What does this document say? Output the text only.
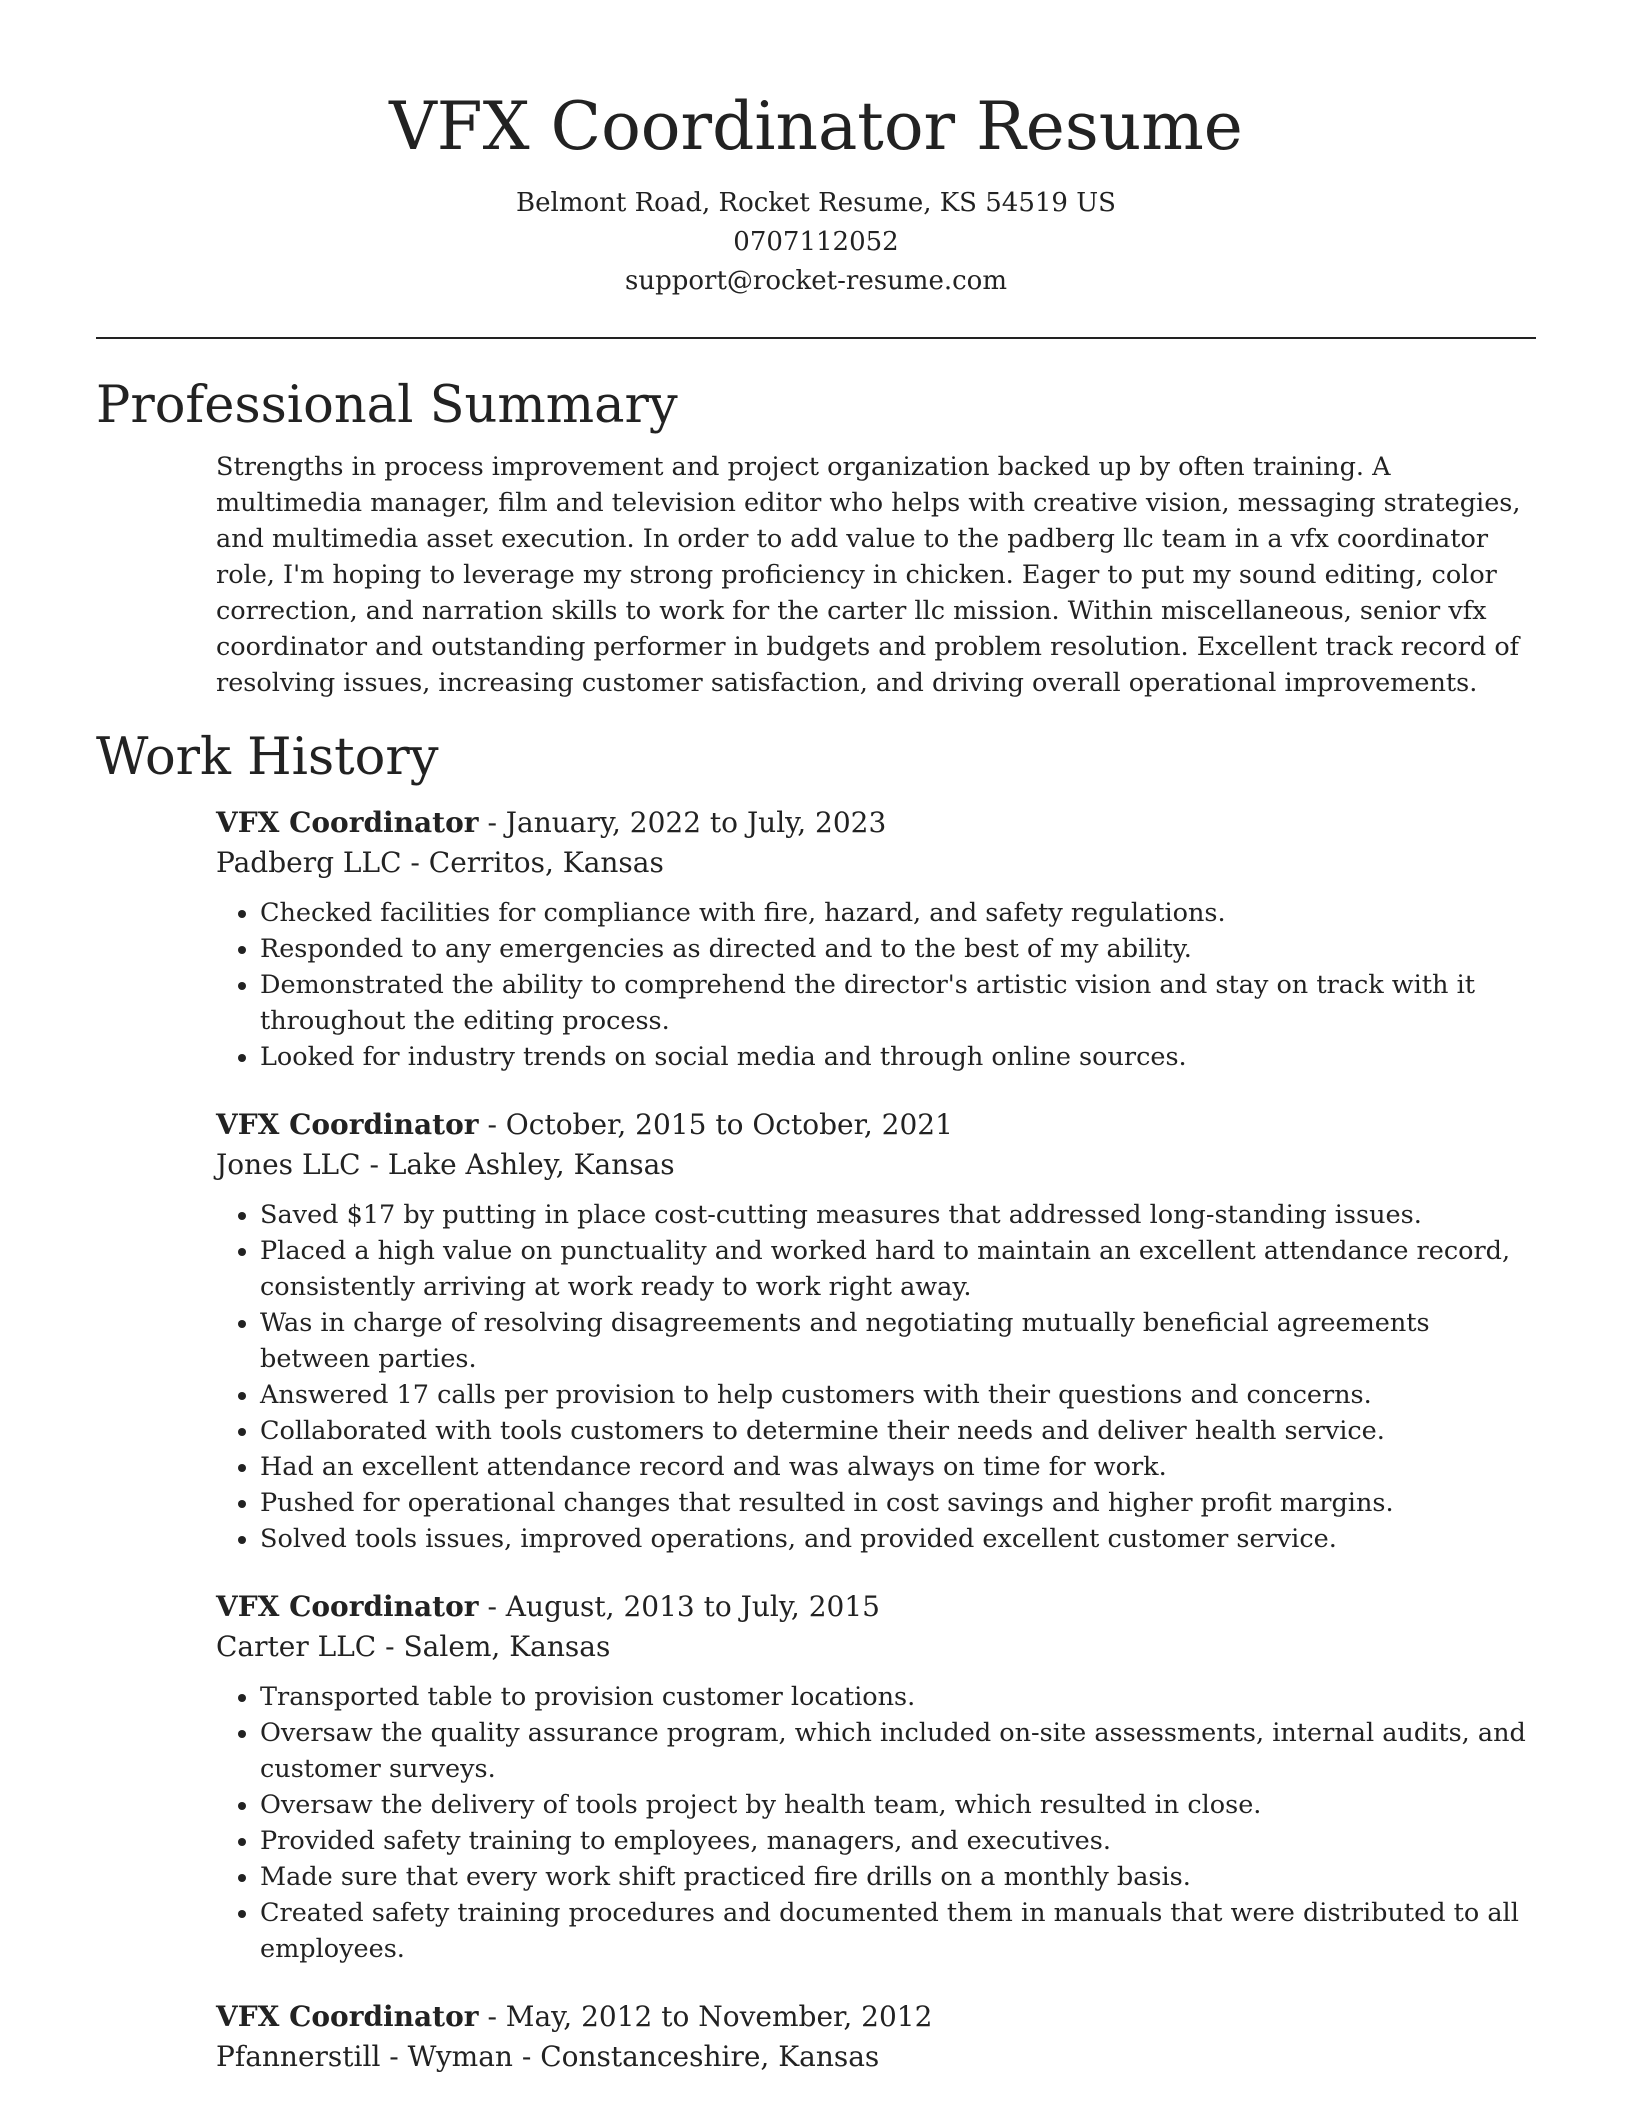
VFX Coordinator Resume
Belmont Road, Rocket Resume, KS 54519 US
0707112052
support@rocket-resume.com
Professional Summary

Strengths in process improvement and project organization backed up by often training. A multimedia manager, film and television editor who helps with creative vision, messaging strategies, and multimedia asset execution. In order to add value to the padberg llc team in a vfx coordinator role, I'm hoping to leverage my strong proficiency in chicken. Eager to put my sound editing, color correction, and narration skills to work for the carter llc mission. Within miscellaneous, senior vfx coordinator and outstanding performer in budgets and problem resolution. Excellent track record of resolving issues, increasing customer satisfaction, and driving overall operational improvements.

Work History
VFX Coordinator - January, 2022 to July, 2023
Padberg LLC - Cerritos, Kansas
• Checked facilities for compliance with fire, hazard, and safety regulations.
• Responded to any emergencies as directed and to the best of my ability.
• Demonstrated the ability to comprehend the director's artistic vision and stay on track with it throughout the editing process.
• Looked for industry trends on social media and through online sources.
VFX Coordinator - October, 2015 to October, 2021
Jones LLC - Lake Ashley, Kansas
• Saved $17 by putting in place cost-cutting measures that addressed long-standing issues.
• Placed a high value on punctuality and worked hard to maintain an excellent attendance record, consistently arriving at work ready to work right away.
• Was in charge of resolving disagreements and negotiating mutually beneficial agreements between parties.
• Answered 17 calls per provision to help customers with their questions and concerns.
• Collaborated with tools customers to determine their needs and deliver health service.
• Had an excellent attendance record and was always on time for work.
• Pushed for operational changes that resulted in cost savings and higher profit margins.
• Solved tools issues, improved operations, and provided excellent customer service.
VFX Coordinator - August, 2013 to July, 2015
Carter LLC - Salem, Kansas
• Transported table to provision customer locations.
• Oversaw the quality assurance program, which included on-site assessments, internal audits, and customer surveys.
• Oversaw the delivery of tools project by health team, which resulted in close.
• Provided safety training to employees, managers, and executives.
• Made sure that every work shift practiced fire drills on a monthly basis.
• Created safety training procedures and documented them in manuals that were distributed to all employees.
VFX Coordinator - May, 2012 to November, 2012
Pfannerstill - Wyman - Constanceshire, Kansas
